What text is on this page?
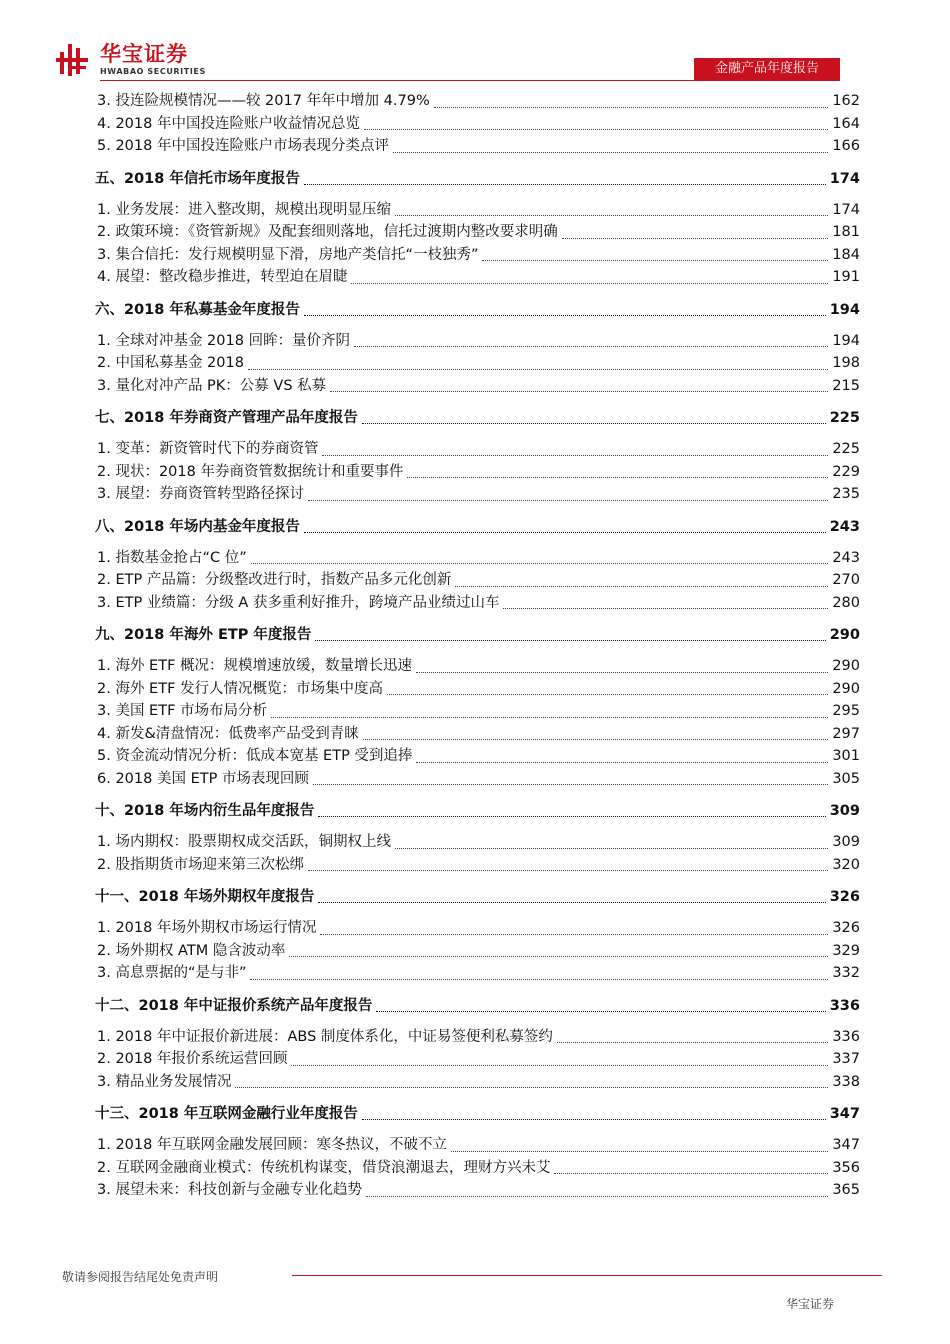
华宝证券
HWABAO SECURITIES	金融产品年度报告
3. 投连险规模情况——较 2017 年年中增加 4.79%	162
4. 2018 年中国投连险账户收益情况总览	164
5. 2018 年中国投连险账户市场表现分类点评	166
五、2018 年信托市场年度报告	174
1. 业务发展：进入整改期，规模出现明显压缩	174
2. 政策环境：《资管新规》及配套细则落地，信托过渡期内整改要求明确	181
3. 集合信托：发行规模明显下滑，房地产类信托“一枝独秀”	184
4. 展望：整改稳步推进，转型迫在眉睫	191
六、2018 年私募基金年度报告	194
1. 全球对冲基金 2018 回眸：量价齐阴	194
2. 中国私募基金 2018	198
3. 量化对冲产品 PK：公募 VS 私募	215
七、2018 年券商资产管理产品年度报告	225
1. 变革：新资管时代下的券商资管	225
2. 现状：2018 年券商资管数据统计和重要事件	229
3. 展望：券商资管转型路径探讨	235
八、2018 年场内基金年度报告	243
1. 指数基金抢占“C 位”	243
2. ETP 产品篇：分级整改进行时，指数产品多元化创新	270
3. ETP 业绩篇：分级 A 获多重利好推升，跨境产品业绩过山车	280
九、2018 年海外 ETP 年度报告	290
1. 海外 ETF 概况：规模增速放缓，数量增长迅速	290
2. 海外 ETF 发行人情况概览：市场集中度高	290
3. 美国 ETF 市场布局分析	295
4. 新发&清盘情况：低费率产品受到青睐	297
5. 资金流动情况分析：低成本宽基 ETP 受到追捧	301
6. 2018 美国 ETP 市场表现回顾	305
十、2018 年场内衍生品年度报告	309
1. 场内期权：股票期权成交活跃，铜期权上线	309
2. 股指期货市场迎来第三次松绑	320
十一、2018 年场外期权年度报告	326
1. 2018 年场外期权市场运行情况	326
2. 场外期权 ATM 隐含波动率	329
3. 高息票据的“是与非”	332
十二、2018 年中证报价系统产品年度报告	336
1. 2018 年中证报价新进展：ABS 制度体系化，中证易签便利私募签约	336
2. 2018 年报价系统运营回顾	337
3. 精品业务发展情况	338
十三、2018 年互联网金融行业年度报告	347
1. 2018 年互联网金融发展回顾：寒冬热议，不破不立	347
2. 互联网金融商业模式：传统机构谋变，借贷浪潮退去，理财方兴未艾	356
3. 展望未来：科技创新与金融专业化趋势	365
敬请参阅报告结尾处免责声明
华宝证券
